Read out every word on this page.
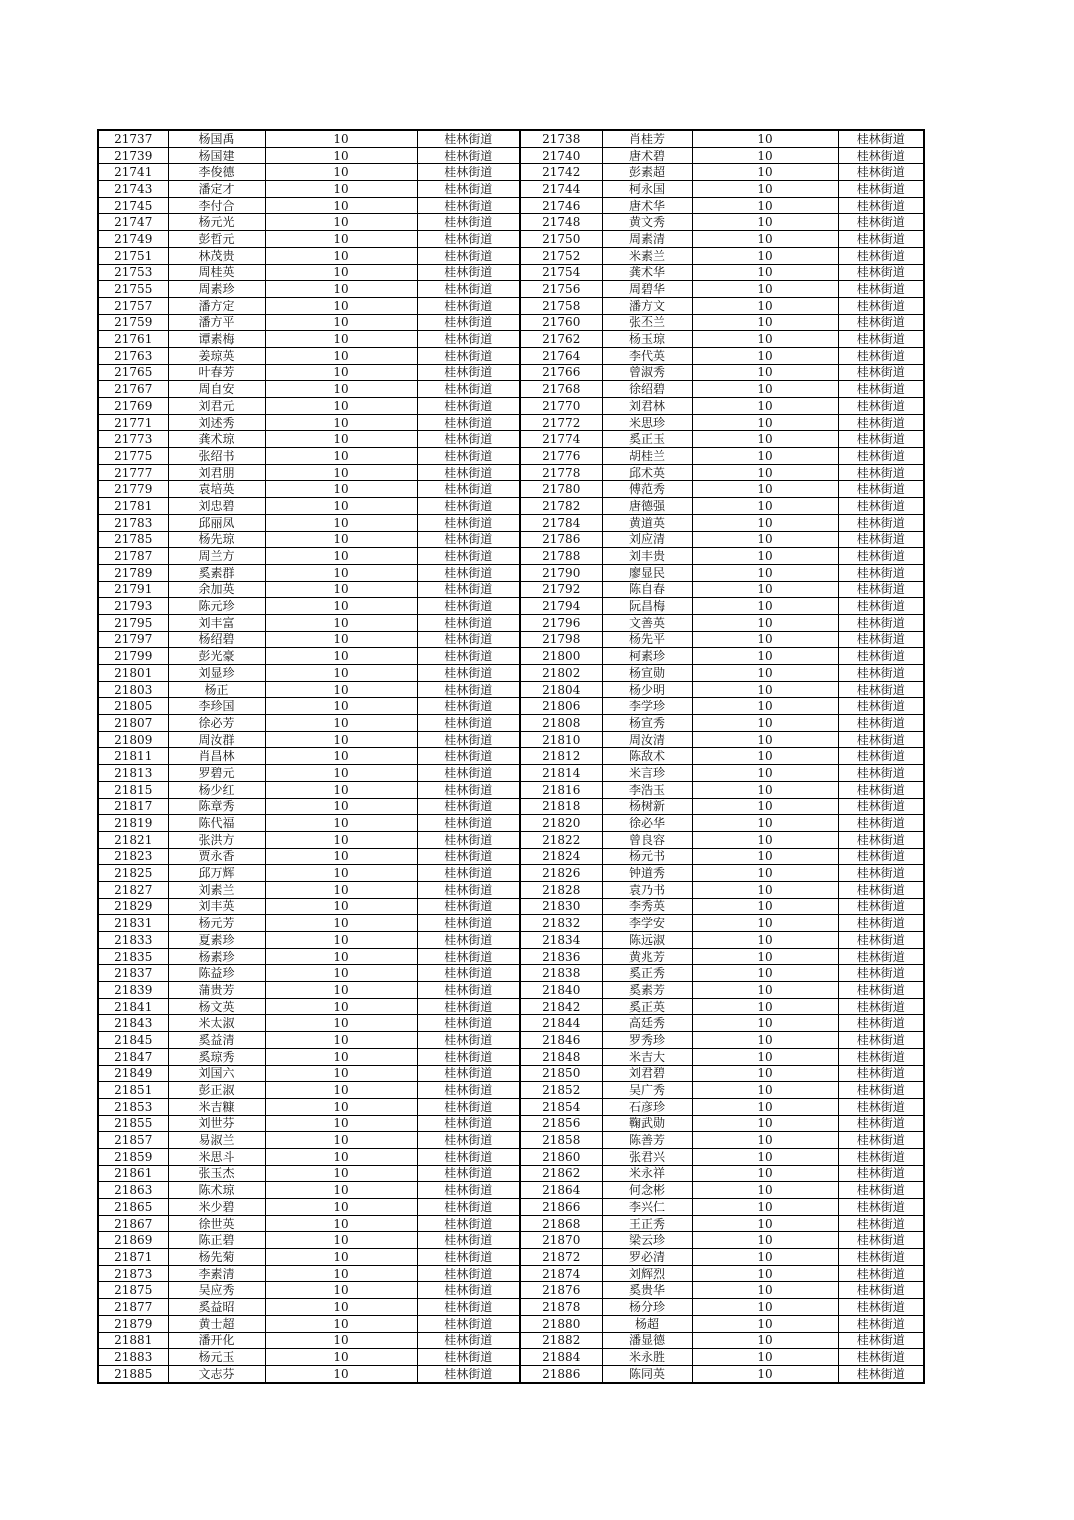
21737	杨国禹	10	桂林街道	21738	肖桂芳	10	桂林街道
21739	杨国建	10	桂林街道	21740	唐术碧	10	桂林街道
21741	李俊德	10	桂林街道	21742	彭素超	10	桂林街道
21743	潘定才	10	桂林街道	21744	柯永国	10	桂林街道
21745	李付合	10	桂林街道	21746	唐术华	10	桂林街道
21747	杨元光	10	桂林街道	21748	黄文秀	10	桂林街道
21749	彭哲元	10	桂林街道	21750	周素清	10	桂林街道
21751	林茂贵	10	桂林街道	21752	米素兰	10	桂林街道
21753	周桂英	10	桂林街道	21754	龚术华	10	桂林街道
21755	周素珍	10	桂林街道	21756	周碧华	10	桂林街道
21757	潘方定	10	桂林街道	21758	潘方文	10	桂林街道
21759	潘方平	10	桂林街道	21760	张丕兰	10	桂林街道
21761	谭素梅	10	桂林街道	21762	杨玉琼	10	桂林街道
21763	姜琼英	10	桂林街道	21764	李代英	10	桂林街道
21765	叶春芳	10	桂林街道	21766	曾淑秀	10	桂林街道
21767	周自安	10	桂林街道	21768	徐绍碧	10	桂林街道
21769	刘君元	10	桂林街道	21770	刘君林	10	桂林街道
21771	刘述秀	10	桂林街道	21772	米思珍	10	桂林街道
21773	龚术琼	10	桂林街道	21774	奚正玉	10	桂林街道
21775	张绍书	10	桂林街道	21776	胡桂兰	10	桂林街道
21777	刘君朋	10	桂林街道	21778	邱术英	10	桂林街道
21779	袁培英	10	桂林街道	21780	傅范秀	10	桂林街道
21781	刘忠碧	10	桂林街道	21782	唐德强	10	桂林街道
21783	邱丽凤	10	桂林街道	21784	黄道英	10	桂林街道
21785	杨先琼	10	桂林街道	21786	刘应清	10	桂林街道
21787	周兰方	10	桂林街道	21788	刘丰贵	10	桂林街道
21789	奚素群	10	桂林街道	21790	廖显民	10	桂林街道
21791	余加英	10	桂林街道	21792	陈自春	10	桂林街道
21793	陈元珍	10	桂林街道	21794	阮昌梅	10	桂林街道
21795	刘丰富	10	桂林街道	21796	文善英	10	桂林街道
21797	杨绍碧	10	桂林街道	21798	杨先平	10	桂林街道
21799	彭光豪	10	桂林街道	21800	柯素珍	10	桂林街道
21801	刘显珍	10	桂林街道	21802	杨宣勋	10	桂林街道
21803	杨正	10	桂林街道	21804	杨少明	10	桂林街道
21805	李珍国	10	桂林街道	21806	李学珍	10	桂林街道
21807	徐必芳	10	桂林街道	21808	杨宣秀	10	桂林街道
21809	周汝群	10	桂林街道	21810	周汝清	10	桂林街道
21811	肖昌林	10	桂林街道	21812	陈敌术	10	桂林街道
21813	罗碧元	10	桂林街道	21814	米言珍	10	桂林街道
21815	杨少红	10	桂林街道	21816	李浩玉	10	桂林街道
21817	陈章秀	10	桂林街道	21818	杨树新	10	桂林街道
21819	陈代福	10	桂林街道	21820	徐必华	10	桂林街道
21821	张洪方	10	桂林街道	21822	曾良容	10	桂林街道
21823	贾永香	10	桂林街道	21824	杨元书	10	桂林街道
21825	邱万辉	10	桂林街道	21826	钟道秀	10	桂林街道
21827	刘素兰	10	桂林街道	21828	袁乃书	10	桂林街道
21829	刘丰英	10	桂林街道	21830	李秀英	10	桂林街道
21831	杨元芳	10	桂林街道	21832	李学安	10	桂林街道
21833	夏素珍	10	桂林街道	21834	陈远淑	10	桂林街道
21835	杨素珍	10	桂林街道	21836	黄兆芳	10	桂林街道
21837	陈益珍	10	桂林街道	21838	奚正秀	10	桂林街道
21839	蒲贵芳	10	桂林街道	21840	奚素芳	10	桂林街道
21841	杨文英	10	桂林街道	21842	奚正英	10	桂林街道
21843	米太淑	10	桂林街道	21844	高廷秀	10	桂林街道
21845	奚益清	10	桂林街道	21846	罗秀珍	10	桂林街道
21847	奚琼秀	10	桂林街道	21848	米吉大	10	桂林街道
21849	刘国六	10	桂林街道	21850	刘君碧	10	桂林街道
21851	彭正淑	10	桂林街道	21852	吴广秀	10	桂林街道
21853	米吉糠	10	桂林街道	21854	石彦珍	10	桂林街道
21855	刘世芬	10	桂林街道	21856	鞠武勋	10	桂林街道
21857	易淑兰	10	桂林街道	21858	陈善芳	10	桂林街道
21859	米思斗	10	桂林街道	21860	张君兴	10	桂林街道
21861	张玉杰	10	桂林街道	21862	米永祥	10	桂林街道
21863	陈术琼	10	桂林街道	21864	何念彬	10	桂林街道
21865	米少碧	10	桂林街道	21866	李兴仁	10	桂林街道
21867	徐世英	10	桂林街道	21868	王正秀	10	桂林街道
21869	陈正碧	10	桂林街道	21870	梁云珍	10	桂林街道
21871	杨先菊	10	桂林街道	21872	罗必清	10	桂林街道
21873	李素清	10	桂林街道	21874	刘辉烈	10	桂林街道
21875	吴应秀	10	桂林街道	21876	奚贵华	10	桂林街道
21877	奚益昭	10	桂林街道	21878	杨分珍	10	桂林街道
21879	黄士超	10	桂林街道	21880	杨超	10	桂林街道
21881	潘开化	10	桂林街道	21882	潘显德	10	桂林街道
21883	杨元玉	10	桂林街道	21884	米永胜	10	桂林街道
21885	文志芬	10	桂林街道	21886	陈同英	10	桂林街道
